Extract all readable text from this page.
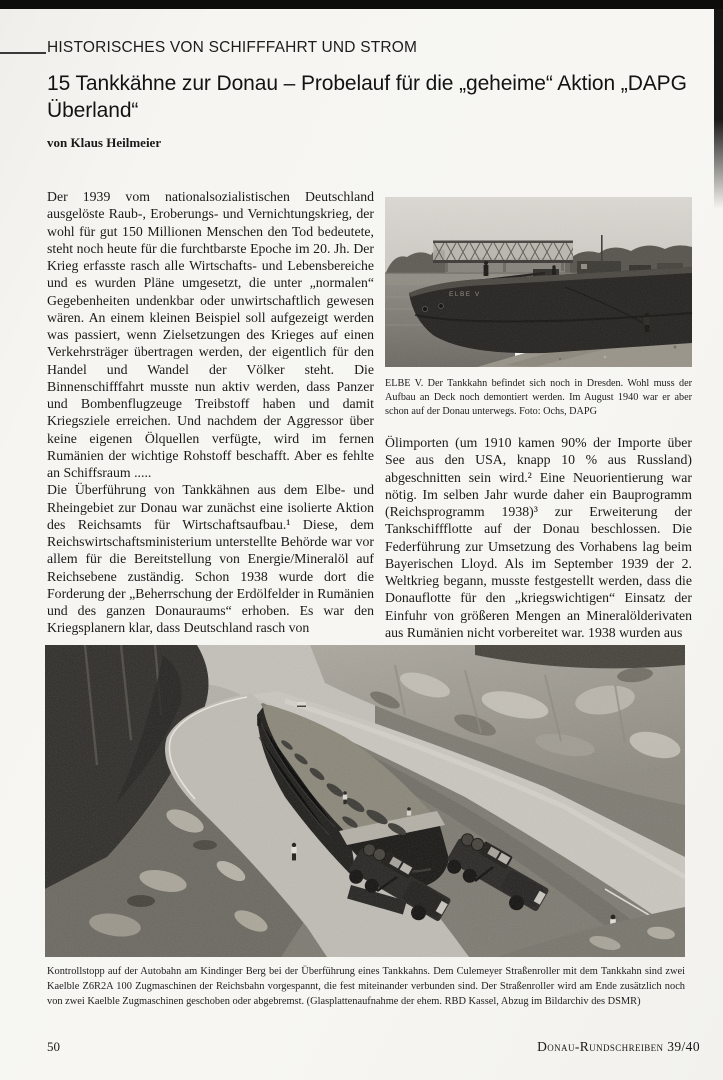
HISTORISCHES VON SCHIFFFAHRT UND STROM
15 Tankkähne zur Donau – Probelauf für die „geheime“ Aktion „DAPG Überland“
von Klaus Heilmeier

Der 1939 vom nationalsozialistischen Deutschland ausgelöste Raub-, Eroberungs- und Vernichtungskrieg, der wohl für gut 150 Millionen Menschen den Tod bedeutete, steht noch heute für die furchtbarste Epoche im 20. Jh. Der Krieg erfasste rasch alle Wirtschafts- und Lebensbereiche und es wurden Pläne umgesetzt, die unter „normalen“ Gegebenheiten undenkbar oder unwirtschaftlich gewesen wären. An einem kleinen Beispiel soll aufgezeigt werden was passiert, wenn Zielsetzungen des Krieges auf einen Verkehrsträger übertragen werden, der eigentlich für den Handel und Wandel der Völker steht. Die Binnenschifffahrt musste nun aktiv werden, dass Panzer und Bombenflugzeuge Treibstoff haben und damit Kriegsziele erreichen. Und nachdem der Aggressor über keine eigenen Ölquellen verfügte, wird im fernen Rumänien der wichtige Rohstoff beschafft. Aber es fehlte an Schiffsraum .....

Die Überführung von Tankkähnen aus dem Elbe- und Rheingebiet zur Donau war zunächst eine isolierte Aktion des Reichsamts für Wirtschaftsaufbau.¹ Diese, dem Reichswirtschaftsministerium unterstellte Behörde war vor allem für die Bereitstellung von Energie/Mineralöl auf Reichsebene zuständig. Schon 1938 wurde dort die Forderung der „Beherrschung der Erdölfelder in Rumänien und des ganzen Donauraums“ erhoben. Es war den Kriegsplanern klar, dass Deutschland rasch von

ELBE V. Der Tankkahn befindet sich noch in Dresden. Wohl muss der Aufbau an Deck noch demontiert werden. Im August 1940 war er aber schon auf der Donau unterwegs. Foto: Ochs, DAPG

Ölimporten (um 1910 kamen 90% der Importe über See aus den USA, knapp 10 % aus Russland) abgeschnitten sein wird.² Eine Neuorientierung war nötig. Im selben Jahr wurde daher ein Bauprogramm (Reichsprogramm 1938)³ zur Erweiterung der Tankschiffflotte auf der Donau beschlossen. Die Federführung zur Umsetzung des Vorhabens lag beim Bayerischen Lloyd. Als im September 1939 der 2. Weltkrieg begann, musste festgestellt werden, dass die Donauflotte für den „kriegswichtigen“ Einsatz der Einfuhr von größeren Mengen an Mineralölderivaten aus Rumänien nicht vorbereitet war. 1938 wurden aus

Kontrollstopp auf der Autobahn am Kindinger Berg bei der Überführung eines Tankkahns. Dem Culemeyer Straßenroller mit dem Tankkahn sind zwei Kaelble Z6R2A 100 Zugmaschinen der Reichsbahn vorgespannt, die fest miteinander verbunden sind. Der Straßenroller wird am Ende zusätzlich noch von zwei Kaelble Zugmaschinen geschoben oder abgebremst. (Glasplattenaufnahme der ehem. RBD Kassel, Abzug im Bildarchiv des DSMR)
50	Donau-Rundschreiben 39/40
